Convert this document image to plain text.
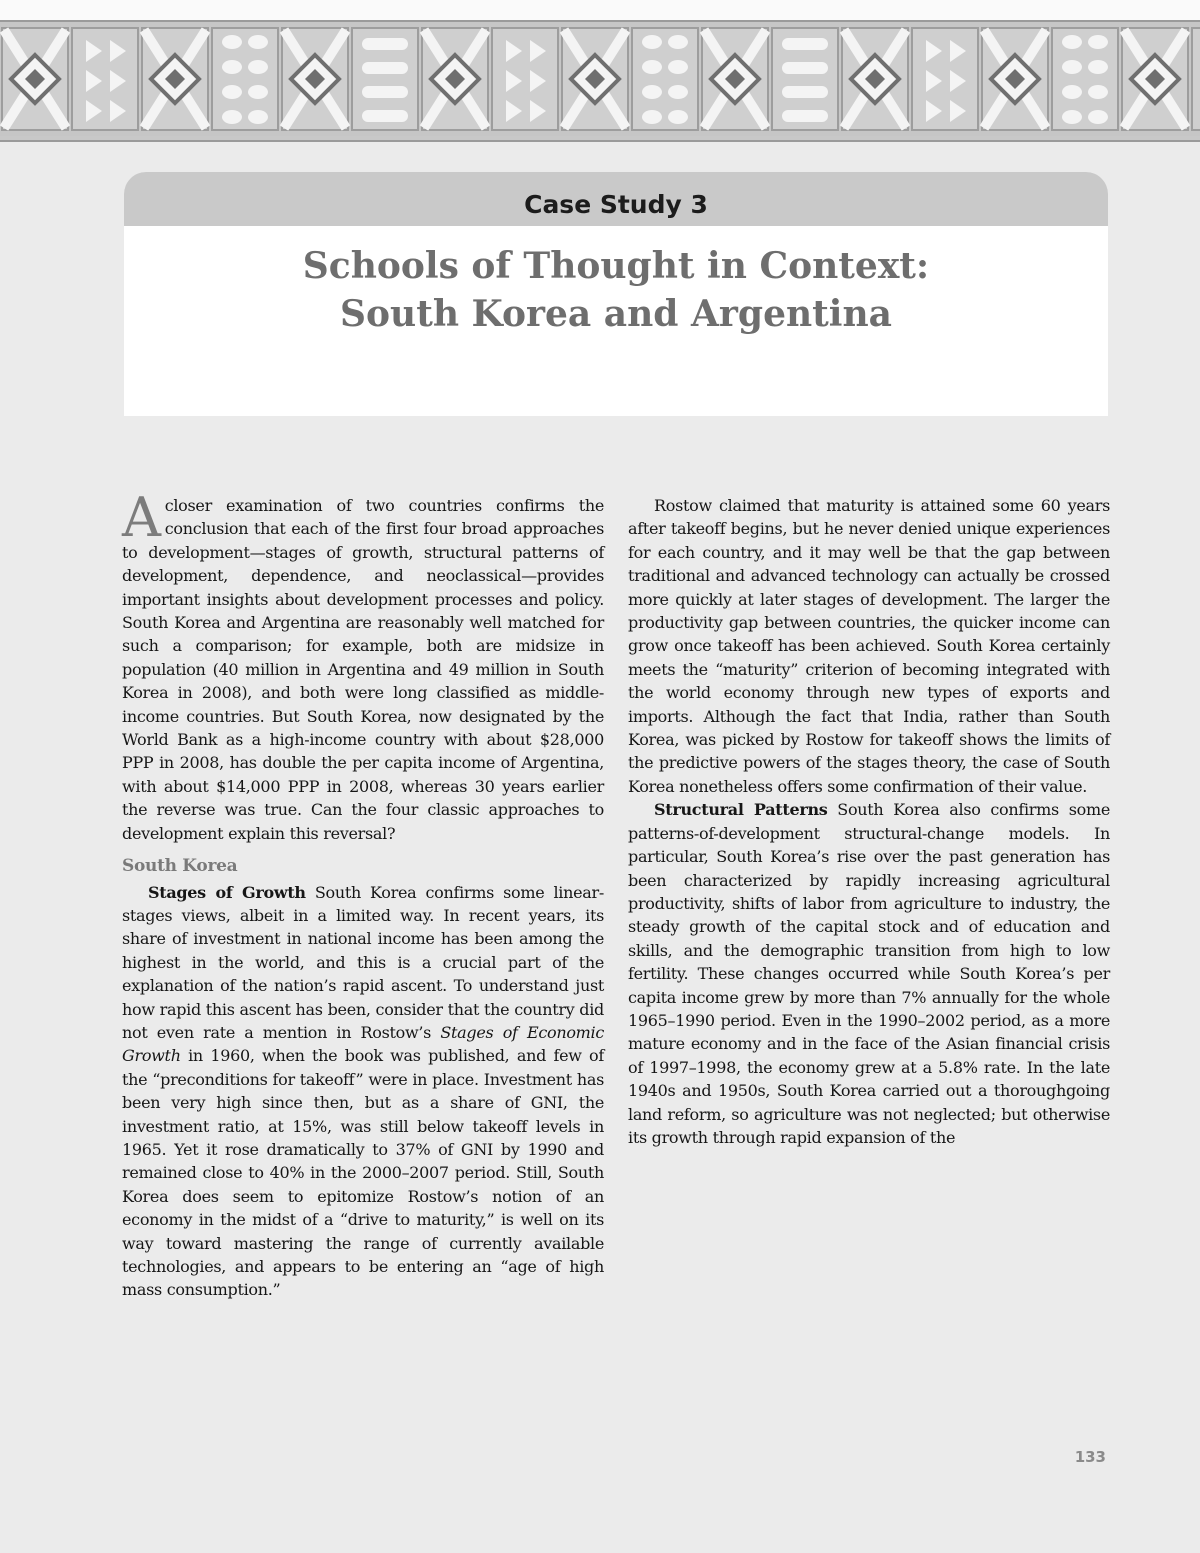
Case Study 3
Schools of Thought in Context:
South Korea and Argentina

A closer examination of two countries confirms the conclusion that each of the first four broad approaches to development—stages of growth, structural patterns of development, dependence, and neoclassical—provides important insights about development processes and policy. South Korea and Argentina are reasonably well matched for such a comparison; for example, both are midsize in population (40 million in Argentina and 49 million in South Korea in 2008), and both were long classified as middle-income countries. But South Korea, now designated by the World Bank as a high-income country with about $28,000 PPP in 2008, has double the per capita income of Argentina, with about $14,000 PPP in 2008, whereas 30 years earlier the reverse was true. Can the four classic approaches to development explain this reversal?

South Korea

Stages of Growth South Korea confirms some linear-stages views, albeit in a limited way. In recent years, its share of investment in national income has been among the highest in the world, and this is a crucial part of the explanation of the nation’s rapid ascent. To understand just how rapid this ascent has been, consider that the country did not even rate a mention in Rostow’s Stages of Economic Growth in 1960, when the book was published, and few of the “preconditions for takeoff” were in place. Investment has been very high since then, but as a share of GNI, the investment ratio, at 15%, was still below takeoff levels in 1965. Yet it rose dramatically to 37% of GNI by 1990 and remained close to 40% in the 2000–2007 period. Still, South Korea does seem to epitomize Rostow’s notion of an economy in the midst of a “drive to maturity,” is well on its way toward mastering the range of currently available technologies, and appears to be entering an “age of high mass consumption.”

Rostow claimed that maturity is attained some 60 years after takeoff begins, but he never denied unique experiences for each country, and it may well be that the gap between traditional and advanced technology can actually be crossed more quickly at later stages of development. The larger the productivity gap between countries, the quicker income can grow once takeoff has been achieved. South Korea certainly meets the “maturity” criterion of becoming integrated with the world economy through new types of exports and imports. Although the fact that India, rather than South Korea, was picked by Rostow for takeoff shows the limits of the predictive powers of the stages theory, the case of South Korea nonetheless offers some confirmation of their value.

Structural Patterns South Korea also confirms some patterns-of-development structural-change models. In particular, South Korea’s rise over the past generation has been characterized by rapidly increasing agricultural productivity, shifts of labor from agriculture to industry, the steady growth of the capital stock and of education and skills, and the demographic transition from high to low fertility. These changes occurred while South Korea’s per capita income grew by more than 7% annually for the whole 1965–1990 period. Even in the 1990–2002 period, as a more mature economy and in the face of the Asian financial crisis of 1997–1998, the economy grew at a 5.8% rate. In the late 1940s and 1950s, South Korea carried out a thoroughgoing land reform, so agriculture was not neglected; but otherwise its growth through rapid expansion of the

133
